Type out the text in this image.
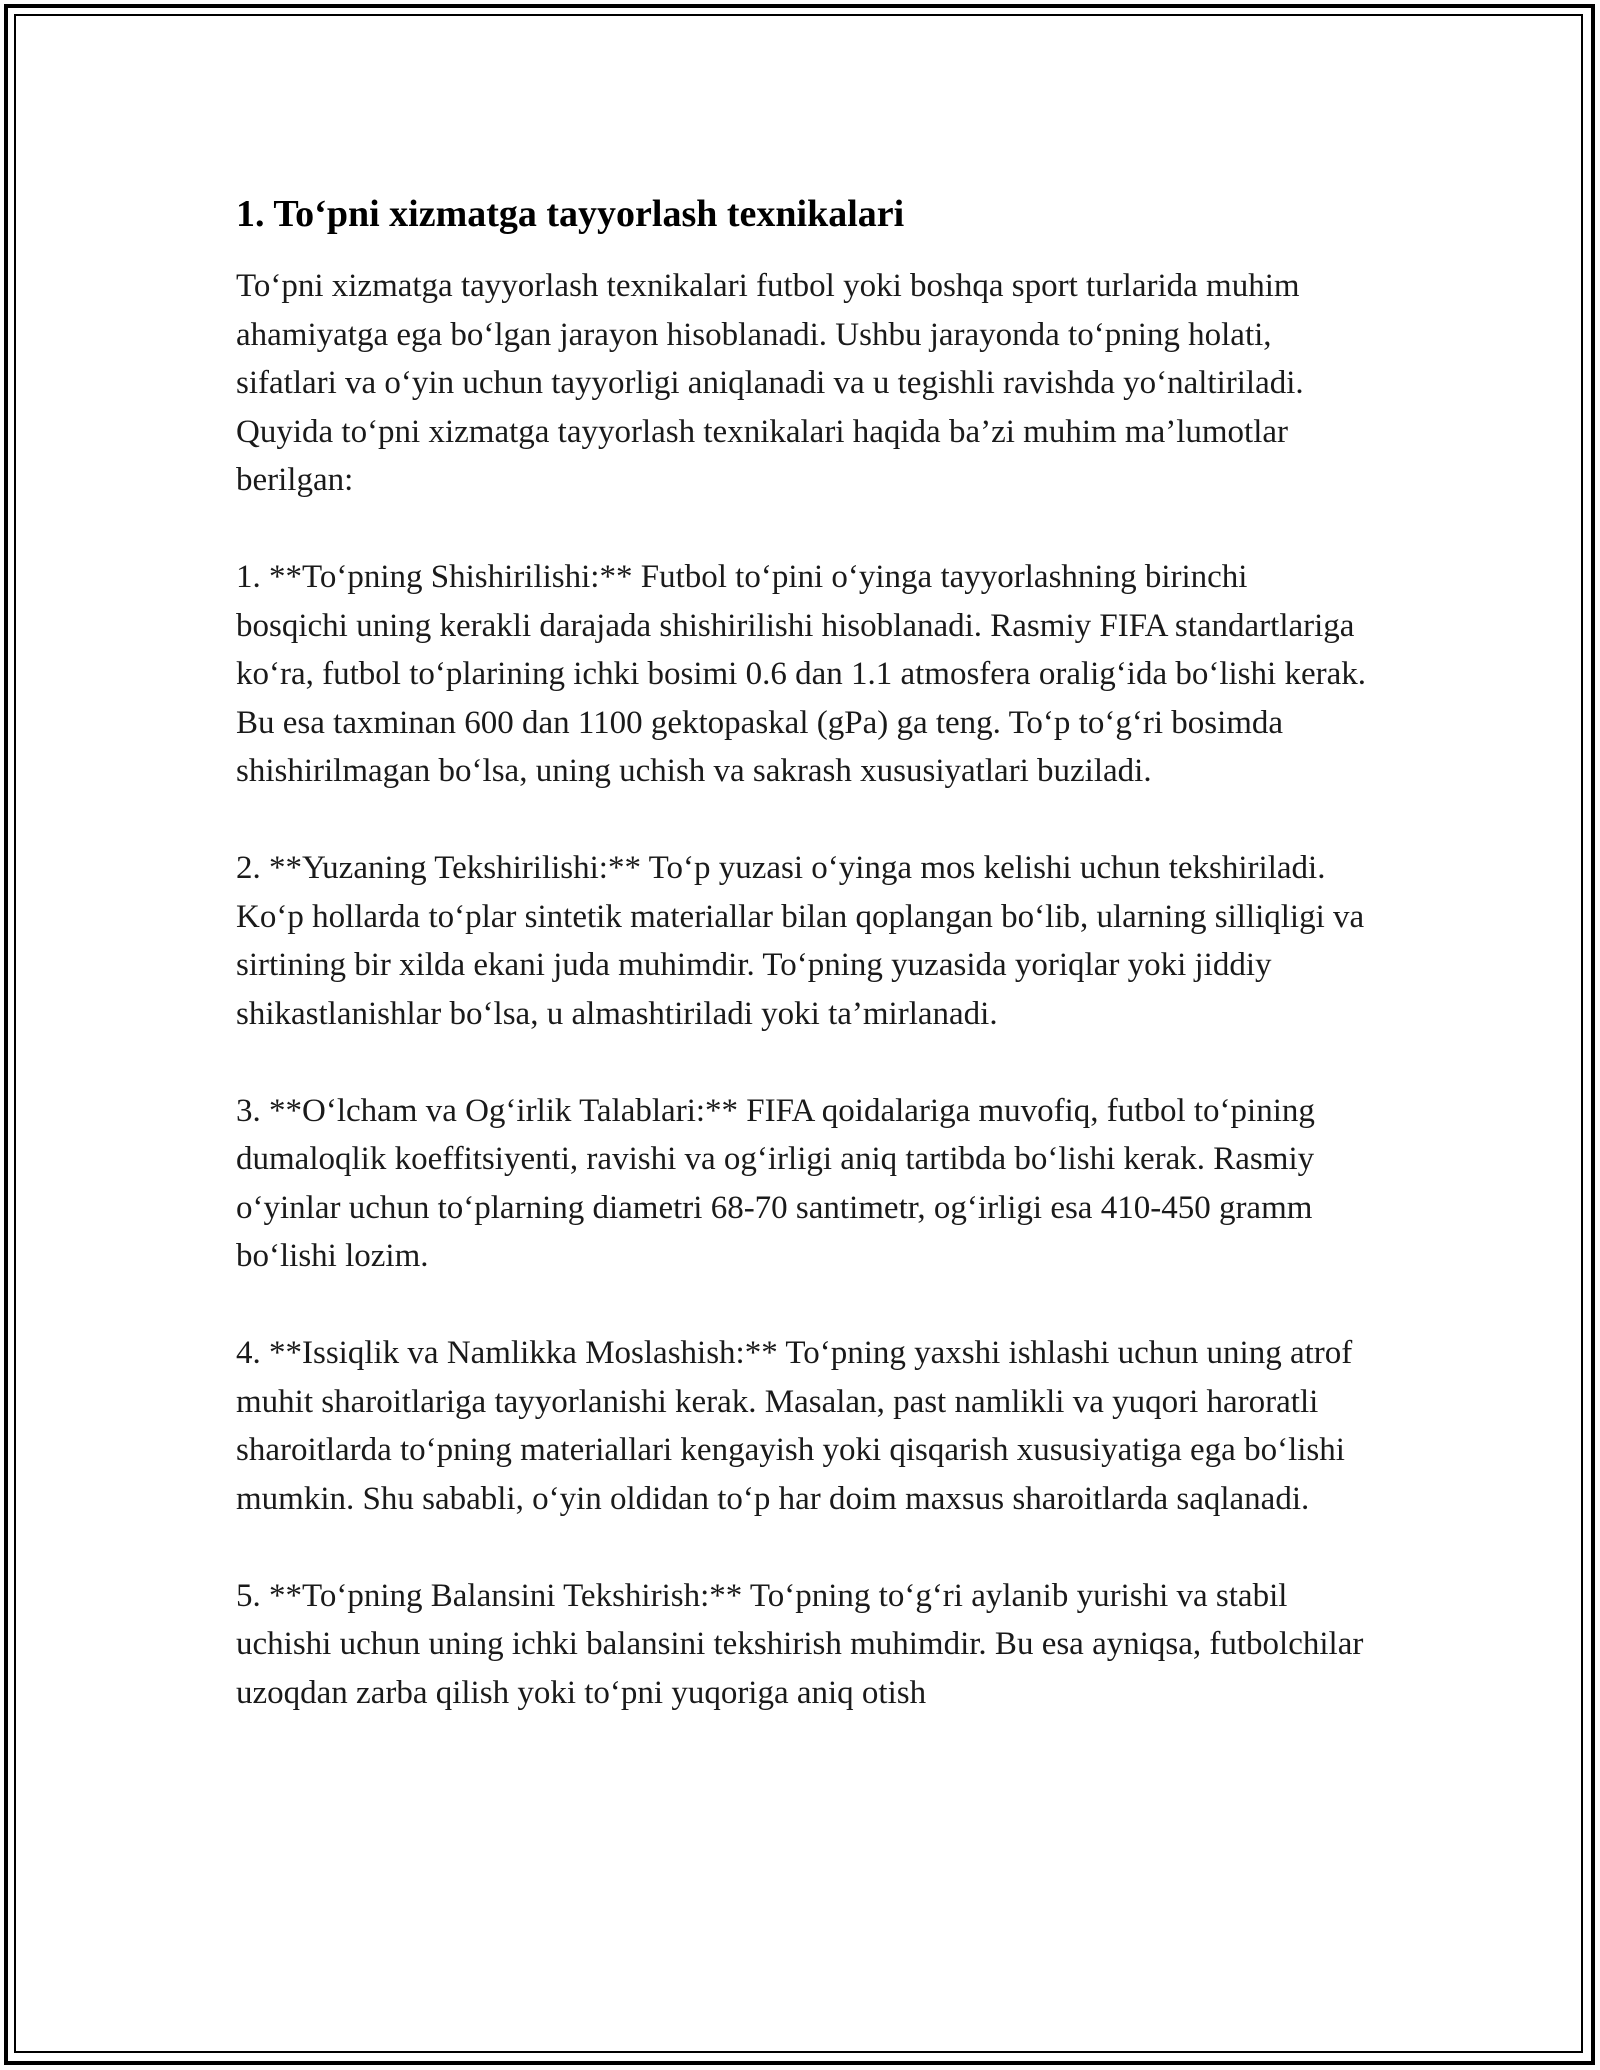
1. To‘pni xizmatga tayyorlash texnikalari

To‘pni xizmatga tayyorlash texnikalari futbol yoki boshqa sport turlarida muhim ahamiyatga ega bo‘lgan jarayon hisoblanadi. Ushbu jarayonda to‘pning holati, sifatlari va o‘yin uchun tayyorligi aniqlanadi va u tegishli ravishda yo‘naltiriladi. Quyida to‘pni xizmatga tayyorlash texnikalari haqida ba’zi muhim ma’lumotlar berilgan:

1. **To‘pning Shishirilishi:** Futbol to‘pini o‘yinga tayyorlashning birinchi bosqichi uning kerakli darajada shishirilishi hisoblanadi. Rasmiy FIFA standartlariga ko‘ra, futbol to‘plarining ichki bosimi 0.6 dan 1.1 atmosfera oralig‘ida bo‘lishi kerak. Bu esa taxminan 600 dan 1100 gektopaskal (gPa) ga teng. To‘p to‘g‘ri bosimda shishirilmagan bo‘lsa, uning uchish va sakrash xususiyatlari buziladi.

2. **Yuzaning Tekshirilishi:** To‘p yuzasi o‘yinga mos kelishi uchun tekshiriladi. Ko‘p hollarda to‘plar sintetik materiallar bilan qoplangan bo‘lib, ularning silliqligi va sirtining bir xilda ekani juda muhimdir. To‘pning yuzasida yoriqlar yoki jiddiy shikastlanishlar bo‘lsa, u almashtiriladi yoki ta’mirlanadi.

3. **O‘lcham va Og‘irlik Talablari:** FIFA qoidalariga muvofiq, futbol to‘pining dumaloqlik koeffitsiyenti, ravishi va og‘irligi aniq tartibda bo‘lishi kerak. Rasmiy o‘yinlar uchun to‘plarning diametri 68-70 santimetr, og‘irligi esa 410-450 gramm bo‘lishi lozim.

4. **Issiqlik va Namlikka Moslashish:** To‘pning yaxshi ishlashi uchun uning atrof muhit sharoitlariga tayyorlanishi kerak. Masalan, past namlikli va yuqori haroratli sharoitlarda to‘pning materiallari kengayish yoki qisqarish xususiyatiga ega bo‘lishi mumkin. Shu sababli, o‘yin oldidan to‘p har doim maxsus sharoitlarda saqlanadi.

5. **To‘pning Balansini Tekshirish:** To‘pning to‘g‘ri aylanib yurishi va stabil uchishi uchun uning ichki balansini tekshirish muhimdir. Bu esa ayniqsa, futbolchilar uzoqdan zarba qilish yoki to‘pni yuqoriga aniq otish
